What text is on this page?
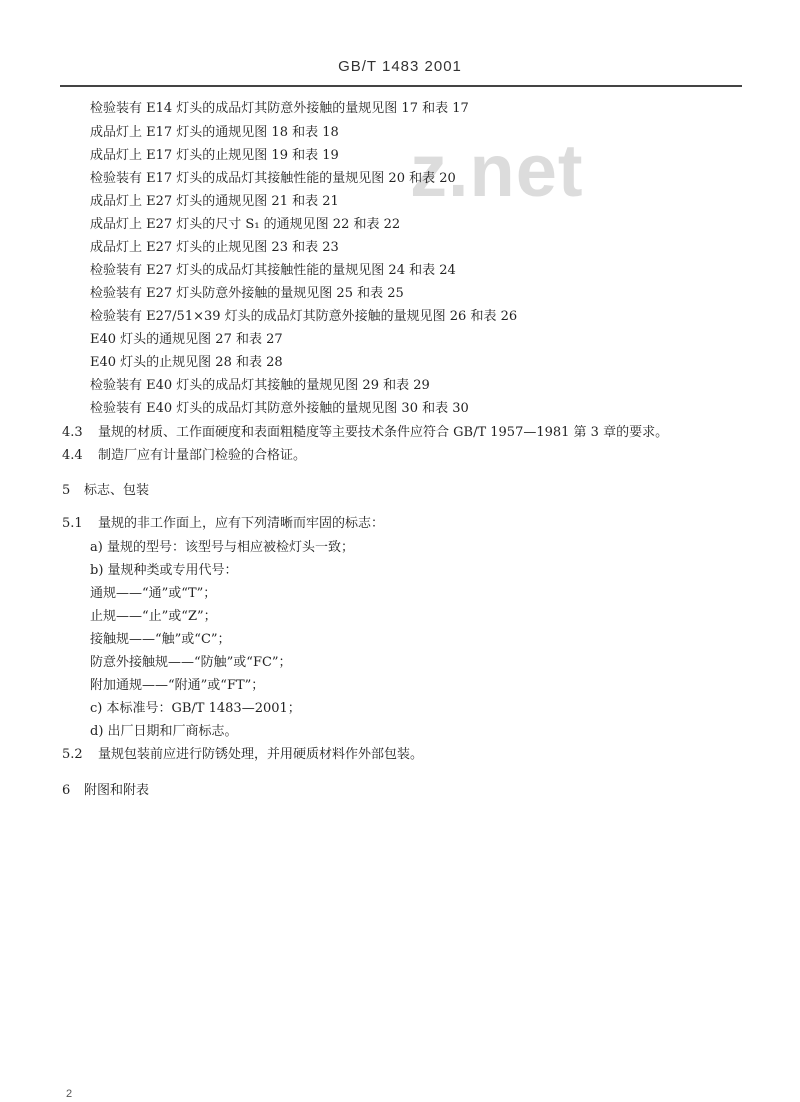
GB/T 1483 2001
z.net
检验装有 E14 灯头的成品灯其防意外接触的量规见图 17 和表 17
成品灯上 E17 灯头的通规见图 18 和表 18
成品灯上 E17 灯头的止规见图 19 和表 19
检验装有 E17 灯头的成品灯其接触性能的量规见图 20 和表 20
成品灯上 E27 灯头的通规见图 21 和表 21
成品灯上 E27 灯头的尺寸 S₁ 的通规见图 22 和表 22
成品灯上 E27 灯头的止规见图 23 和表 23
检验装有 E27 灯头的成品灯其接触性能的量规见图 24 和表 24
检验装有 E27 灯头防意外接触的量规见图 25 和表 25
检验装有 E27/51×39 灯头的成品灯其防意外接触的量规见图 26 和表 26
E40 灯头的通规见图 27 和表 27
E40 灯头的止规见图 28 和表 28
检验装有 E40 灯头的成品灯其接触的量规见图 29 和表 29
检验装有 E40 灯头的成品灯其防意外接触的量规见图 30 和表 30
4.3 量规的材质、工作面硬度和表面粗糙度等主要技术条件应符合 GB/T 1957—1981 第 3 章的要求。
4.4 制造厂应有计量部门检验的合格证。
5 标志、包装
5.1 量规的非工作面上，应有下列清晰而牢固的标志：
a) 量规的型号：该型号与相应被检灯头一致；
b) 量规种类或专用代号：
通规——“通”或“T”；
止规——“止”或“Z”；
接触规——“触”或“C”；
防意外接触规——“防触”或“FC”；
附加通规——“附通”或“FT”；
c) 本标准号：GB/T 1483—2001；
d) 出厂日期和厂商标志。
5.2 量规包装前应进行防锈处理，并用硬质材料作外部包装。
6 附图和附表
2
